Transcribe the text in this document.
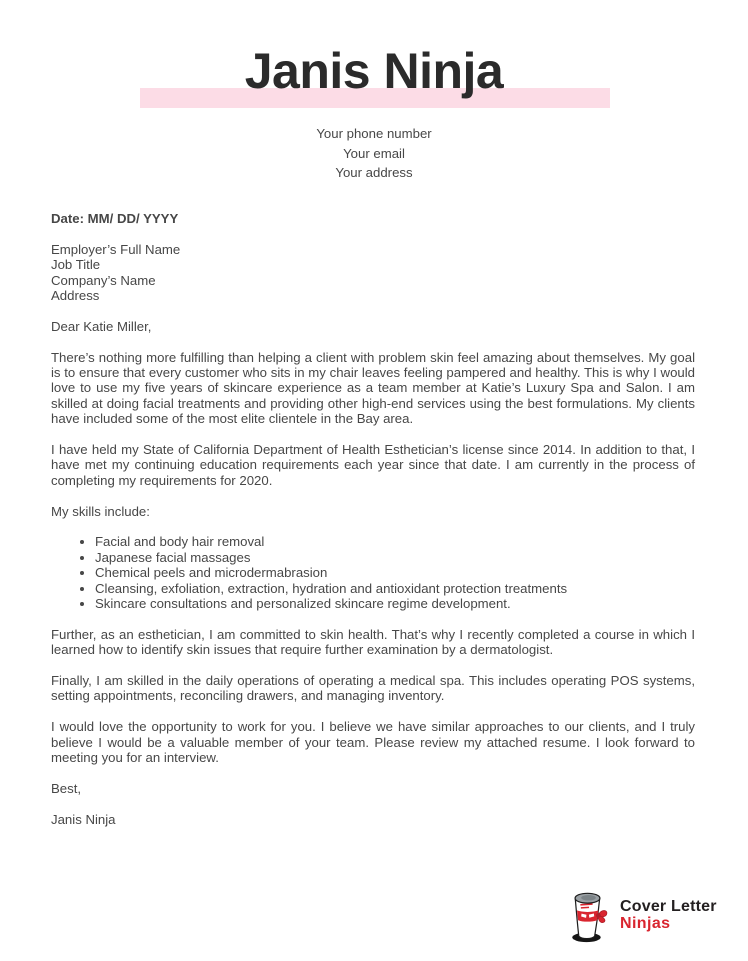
Janis Ninja
Your phone number
Your email
Your address

Date: MM/ DD/ YYYY

Employer’s Full Name
Job Title
Company’s Name
Address

Dear Katie Miller,

There’s nothing more fulfilling than helping a client with problem skin feel amazing about themselves. My goal is to ensure that every customer who sits in my chair leaves feeling pampered and healthy. This is why I would love to use my five years of skincare experience as a team member at Katie’s Luxury Spa and Salon. I am skilled at doing facial treatments and providing other high-end services using the best formulations. My clients have included some of the most elite clientele in the Bay area.

I have held my State of California Department of Health Esthetician’s license since 2014. In addition to that, I have met my continuing education requirements each year since that date. I am currently in the process of completing my requirements for 2020.

My skills include:

• Facial and body hair removal
• Japanese facial massages
• Chemical peels and microdermabrasion
• Cleansing, exfoliation, extraction, hydration and antioxidant protection treatments
• Skincare consultations and personalized skincare regime development.

Further, as an esthetician, I am committed to skin health. That’s why I recently completed a course in which I learned how to identify skin issues that require further examination by a dermatologist.

Finally, I am skilled in the daily operations of operating a medical spa. This includes operating POS systems, setting appointments, reconciling drawers, and managing inventory.

I would love the opportunity to work for you. I believe we have similar approaches to our clients, and I truly believe I would be a valuable member of your team. Please review my attached resume. I look forward to meeting you for an interview.

Best,

Janis Ninja

Cover Letter
Ninjas
